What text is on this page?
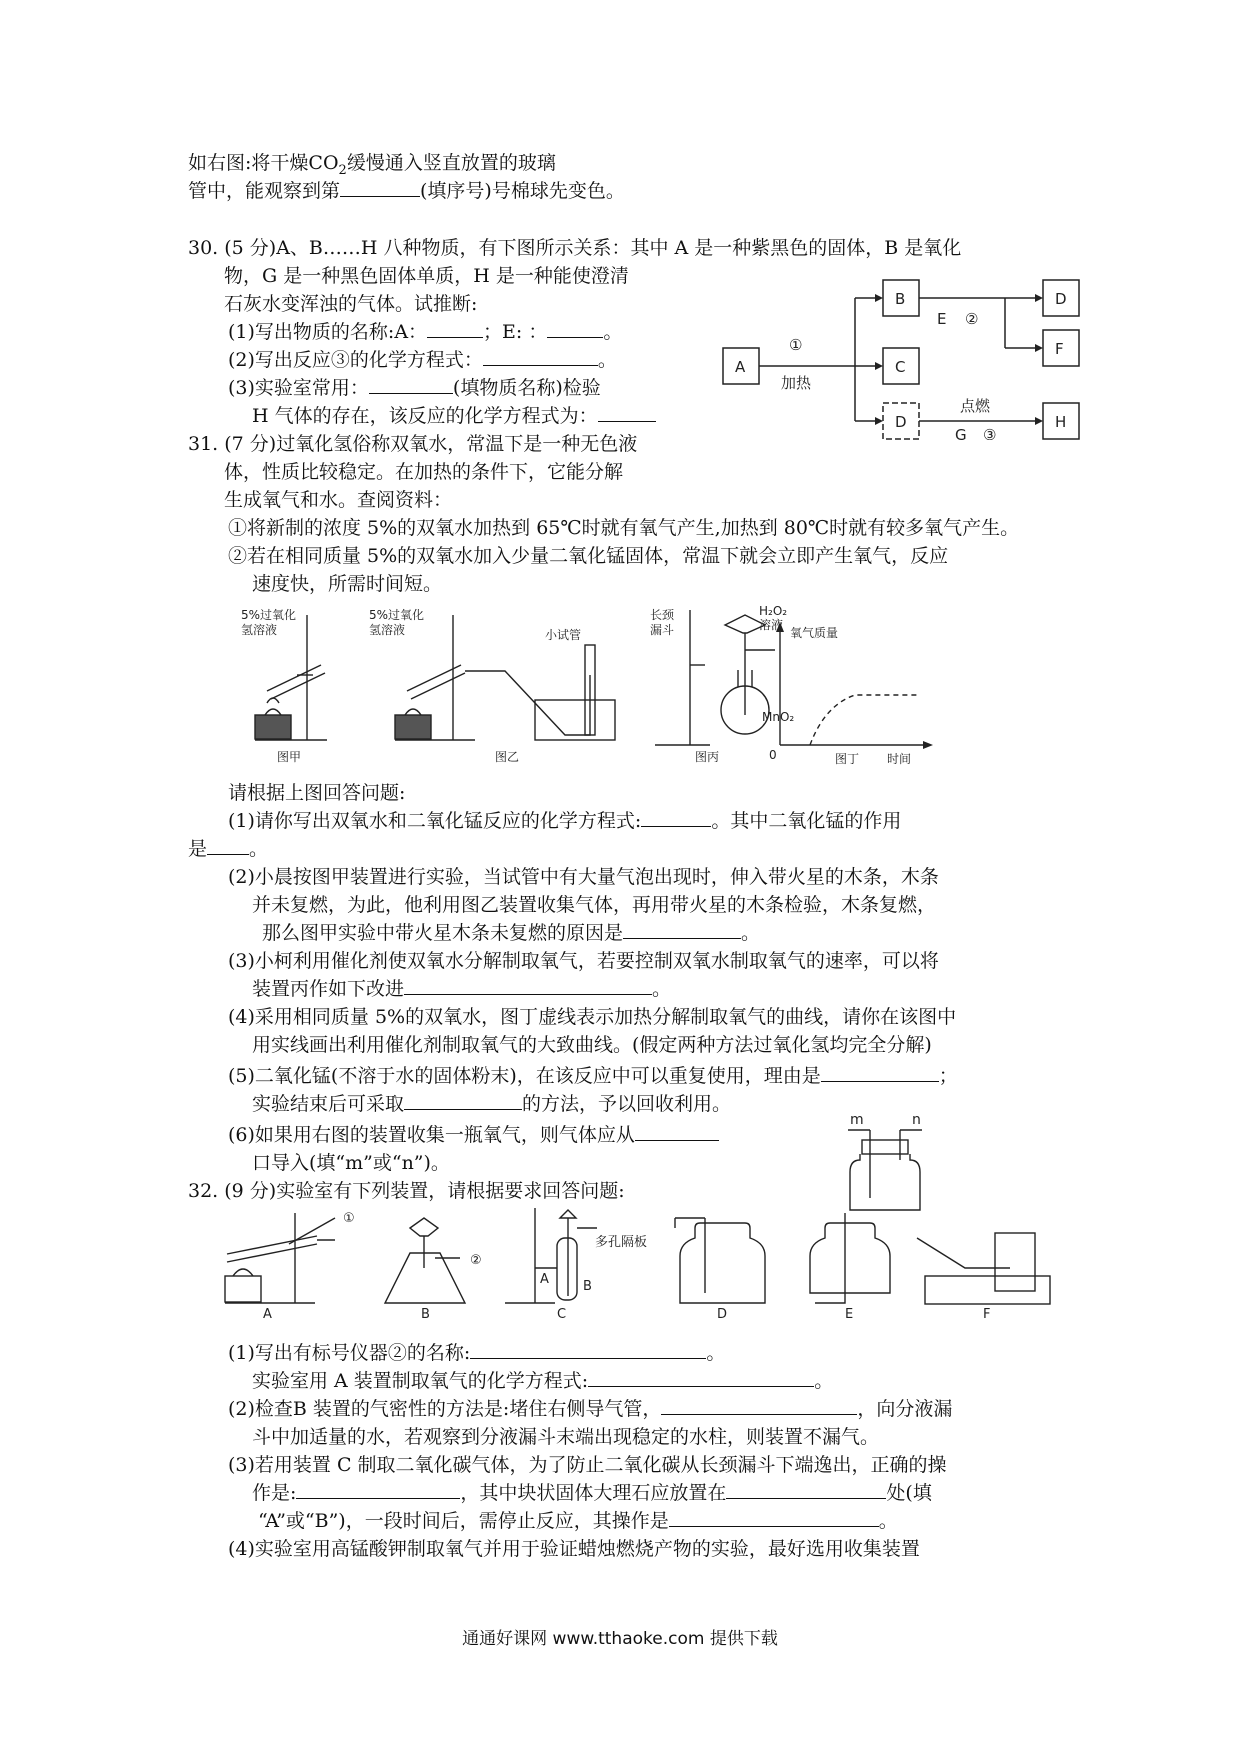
如右图:将干燥$CO_2$缓慢通入竖直放置的玻璃
管中，能观察到第	(填序号)号棉球先变色。
30. (5 分)A、B……H 八种物质，有下图所示关系：其中 A 是一种紫黑色的固体，B 是氧化
物，G 是一种黑色固体单质，H 是一种能使澄清
石灰水变浑浊的气体。试推断:
(1)写出物质的名称:A：	；E: ：	。
(2)写出反应③的化学方程式：	。
(3)实验室常用：	(填物质名称)检验
H 气体的存在，该反应的化学方程式为：
A
B
C
D
D
F
H
①
加热
E ②
点燃
G ③
31. (7 分)过氧化氢俗称双氧水，常温下是一种无色液
体，性质比较稳定。在加热的条件下，它能分解
生成氧气和水。查阅资料：
①将新制的浓度 5%的双氧水加热到 65℃时就有氧气产生,加热到 80℃时就有较多氧气产生。
②若在相同质量 5%的双氧水加入少量二氧化锰固体，常温下就会立即产生氧气，反应
速度快，所需时间短。
5%过氧化
氢溶液
图甲
5%过氧化
氢溶液	小试管
图乙
长颈
漏斗
H₂O₂
溶液
MnO₂
图丙
氧气质量
时间
0	图丁
请根据上图回答问题:
(1)请你写出双氧水和二氧化锰反应的化学方程式:	。其中二氧化锰的作用
是 。
(2)小晨按图甲装置进行实验，当试管中有大量气泡出现时，伸入带火星的木条，木条
并未复燃，为此，他利用图乙装置收集气体，再用带火星的木条检验，木条复燃，
那么图甲实验中带火星木条未复燃的原因是	。
(3)小柯利用催化剂使双氧水分解制取氧气，若要控制双氧水制取氧气的速率，可以将
装置丙作如下改进	。
(4)采用相同质量 5%的双氧水，图丁虚线表示加热分解制取氧气的曲线，请你在该图中
用实线画出利用催化剂制取氧气的大致曲线。(假定两种方法过氧化氢均完全分解)
(5)二氧化锰(不溶于水的固体粉末)，在该反应中可以重复使用，理由是	；
实验结束后可采取	的方法，予以回收利用。
(6)如果用右图的装置收集一瓶氧气，则气体应从
口导入(填“m”或“n”)。
m	n
32. (9 分)实验室有下列装置，请根据要求回答问题:
①
②
多孔隔板
A	B
A	B	C	D	E	F
(1)写出有标号仪器②的名称:	。
实验室用 A 装置制取氧气的化学方程式:	。
(2)检查B 装置的气密性的方法是:堵住右侧导气管，	，向分液漏
斗中加适量的水，若观察到分液漏斗末端出现稳定的水柱，则装置不漏气。
(3)若用装置 C 制取二氧化碳气体，为了防止二氧化碳从长颈漏斗下端逸出，正确的操
作是:	，其中块状固体大理石应放置在	处(填
“A”或“B”)，一段时间后，需停止反应，其操作是	。
(4)实验室用高锰酸钾制取氧气并用于验证蜡烛燃烧产物的实验，最好选用收集装置
通通好课网 www.tthaoke.com 提供下载
